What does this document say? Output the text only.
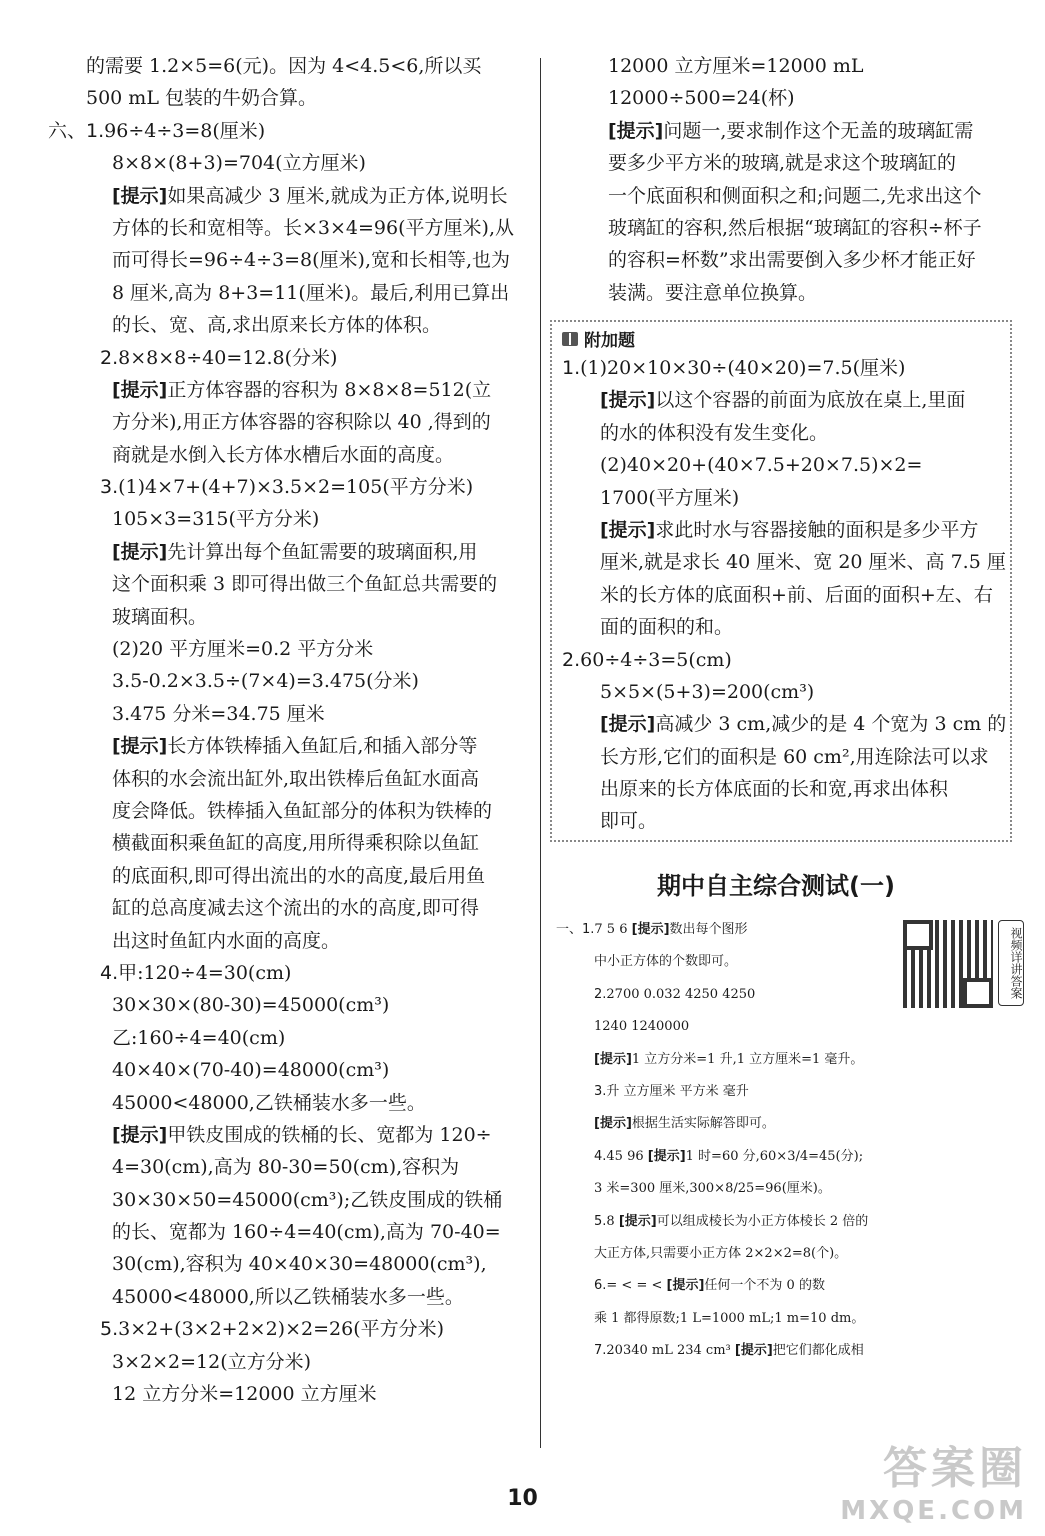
的需要 1.2×5=6(元)。因为 4<4.5<6,所以买
500 mL 包装的牛奶合算。
六、1.96÷4÷3=8(厘米)
8×8×(8+3)=704(立方厘米)
[提示]如果高减少 3 厘米,就成为正方体,说明长
方体的长和宽相等。长×3×4=96(平方厘米),从
而可得长=96÷4÷3=8(厘米),宽和长相等,也为
8 厘米,高为 8+3=11(厘米)。最后,利用已算出
的长、宽、高,求出原来长方体的体积。
2.8×8×8÷40=12.8(分米)
[提示]正方体容器的容积为 8×8×8=512(立
方分米),用正方体容器的容积除以 40 ,得到的
商就是水倒入长方体水槽后水面的高度。
3.(1)4×7+(4+7)×3.5×2=105(平方分米)
105×3=315(平方分米)
[提示]先计算出每个鱼缸需要的玻璃面积,用
这个面积乘 3 即可得出做三个鱼缸总共需要的
玻璃面积。
(2)20 平方厘米=0.2 平方分米
3.5-0.2×3.5÷(7×4)=3.475(分米)
3.475 分米=34.75 厘米
[提示]长方体铁棒插入鱼缸后,和插入部分等
体积的水会流出缸外,取出铁棒后鱼缸水面高
度会降低。铁棒插入鱼缸部分的体积为铁棒的
横截面积乘鱼缸的高度,用所得乘积除以鱼缸
的底面积,即可得出流出的水的高度,最后用鱼
缸的总高度减去这个流出的水的高度,即可得
出这时鱼缸内水面的高度。
4.甲:120÷4=30(cm)
30×30×(80-30)=45000(cm³)
乙:160÷4=40(cm)
40×40×(70-40)=48000(cm³)
45000<48000,乙铁桶装水多一些。
[提示]甲铁皮围成的铁桶的长、宽都为 120÷
4=30(cm),高为 80-30=50(cm),容积为
30×30×50=45000(cm³);乙铁皮围成的铁桶
的长、宽都为 160÷4=40(cm),高为 70-40=
30(cm),容积为 40×40×30=48000(cm³),
45000<48000,所以乙铁桶装水多一些。
5.3×2+(3×2+2×2)×2=26(平方分米)
3×2×2=12(立方分米)
12 立方分米=12000 立方厘米
12000 立方厘米=12000 mL
12000÷500=24(杯)
[提示]问题一,要求制作这个无盖的玻璃缸需
要多少平方米的玻璃,就是求这个玻璃缸的
一个底面积和侧面积之和;问题二,先求出这个
玻璃缸的容积,然后根据“玻璃缸的容积÷杯子
的容积=杯数”求出需要倒入多少杯才能正好
装满。要注意单位换算。
附加题
1.(1)20×10×30÷(40×20)=7.5(厘米)
[提示]以这个容器的前面为底放在桌上,里面
的水的体积没有发生变化。
(2)40×20+(40×7.5+20×7.5)×2=
1700(平方厘米)
[提示]求此时水与容器接触的面积是多少平方
厘米,就是求长 40 厘米、宽 20 厘米、高 7.5 厘
米的长方体的底面积+前、后面的面积+左、右
面的面积的和。
2.60÷4÷3=5(cm)
5×5×(5+3)=200(cm³)
[提示]高减少 3 cm,减少的是 4 个宽为 3 cm 的
长方形,它们的面积是 60 cm²,用连除法可以求
出原来的长方体底面的长和宽,再求出体积
即可。
期中自主综合测试(一)
视频详讲答案
一、1.7 5 6 [提示]数出每个图形
中小正方体的个数即可。
2.2700 0.032 4250 4250
1240 1240000
[提示]1 立方分米=1 升,1 立方厘米=1 毫升。
3.升 立方厘米 平方米 毫升
[提示]根据生活实际解答即可。
4.45 96 [提示]1 时=60 分,60×3/4=45(分);
3 米=300 厘米,300×8/25=96(厘米)。
5.8 [提示]可以组成棱长为小正方体棱长 2 倍的
大正方体,只需要小正方体 2×2×2=8(个)。
6.= < = < [提示]任何一个不为 0 的数
乘 1 都得原数;1 L=1000 mL;1 m=10 dm。
7.20340 mL 234 cm³ [提示]把它们都化成相
10
答案圈
MXQE.COM
